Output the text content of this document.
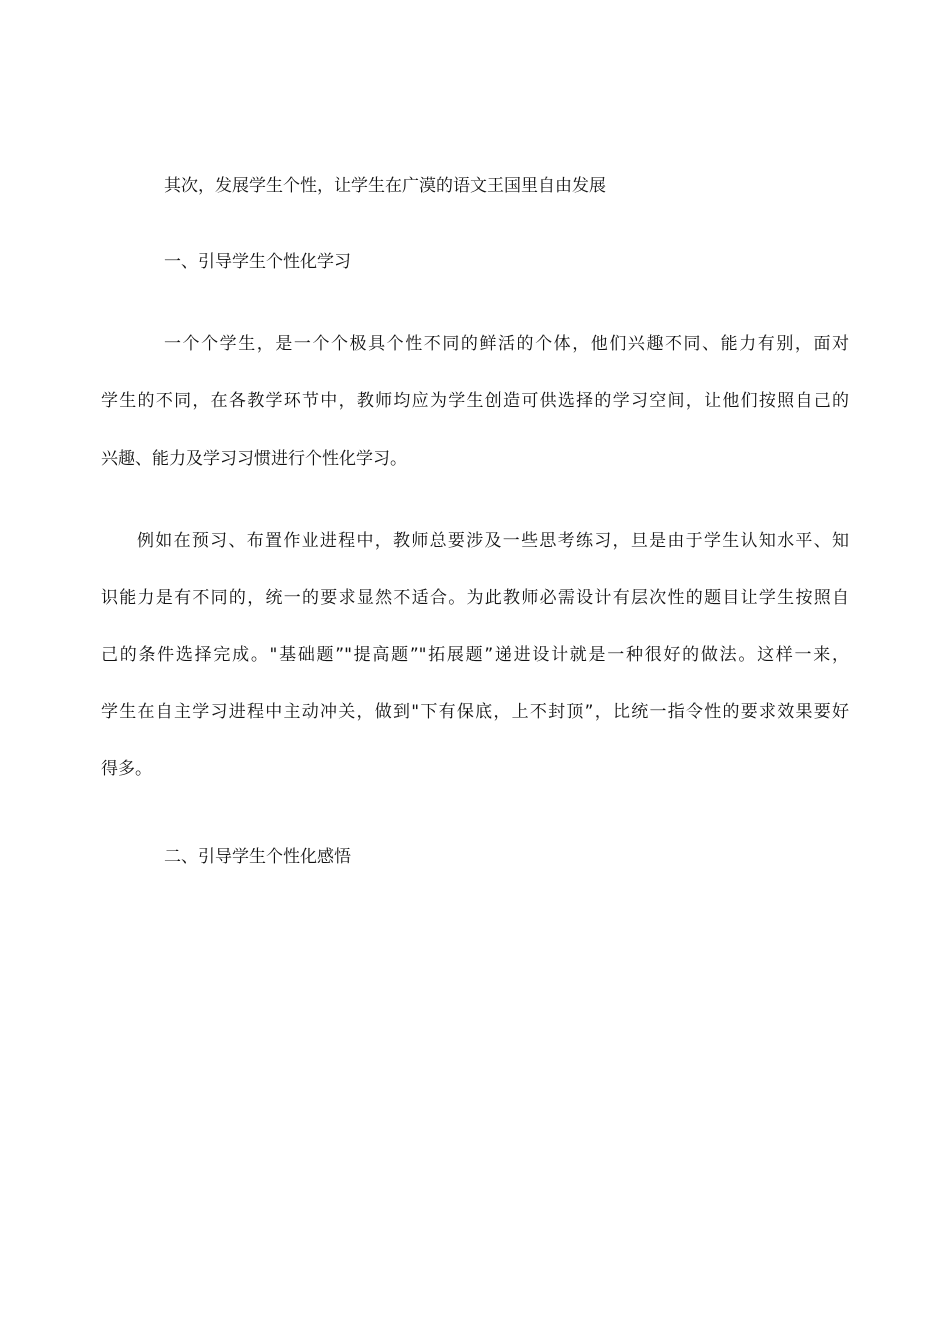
其次，发展学生个性，让学生在广漠的语文王国里自由发展
一、引导学生个性化学习
一个个学生，是一个个极具个性不同的鲜活的个体，他们兴趣不同、能力有别，面对
学生的不同，在各教学环节中，教师均应为学生创造可供选择的学习空间，让他们按照自己的
兴趣、能力及学习习惯进行个性化学习。
例如在预习、布置作业进程中，教师总要涉及一些思考练习，旦是由于学生认知水平、知
识能力是有不同的，统一的要求显然不适合。为此教师必需设计有层次性的题目让学生按照自
己的条件选择完成。"基础题”"提高题”"拓展题”递进设计就是一种很好的做法。这样一来，
学生在自主学习进程中主动冲关，做到"下有保底，上不封顶”，比统一指令性的要求效果要好
得多。
二、引导学生个性化感悟
